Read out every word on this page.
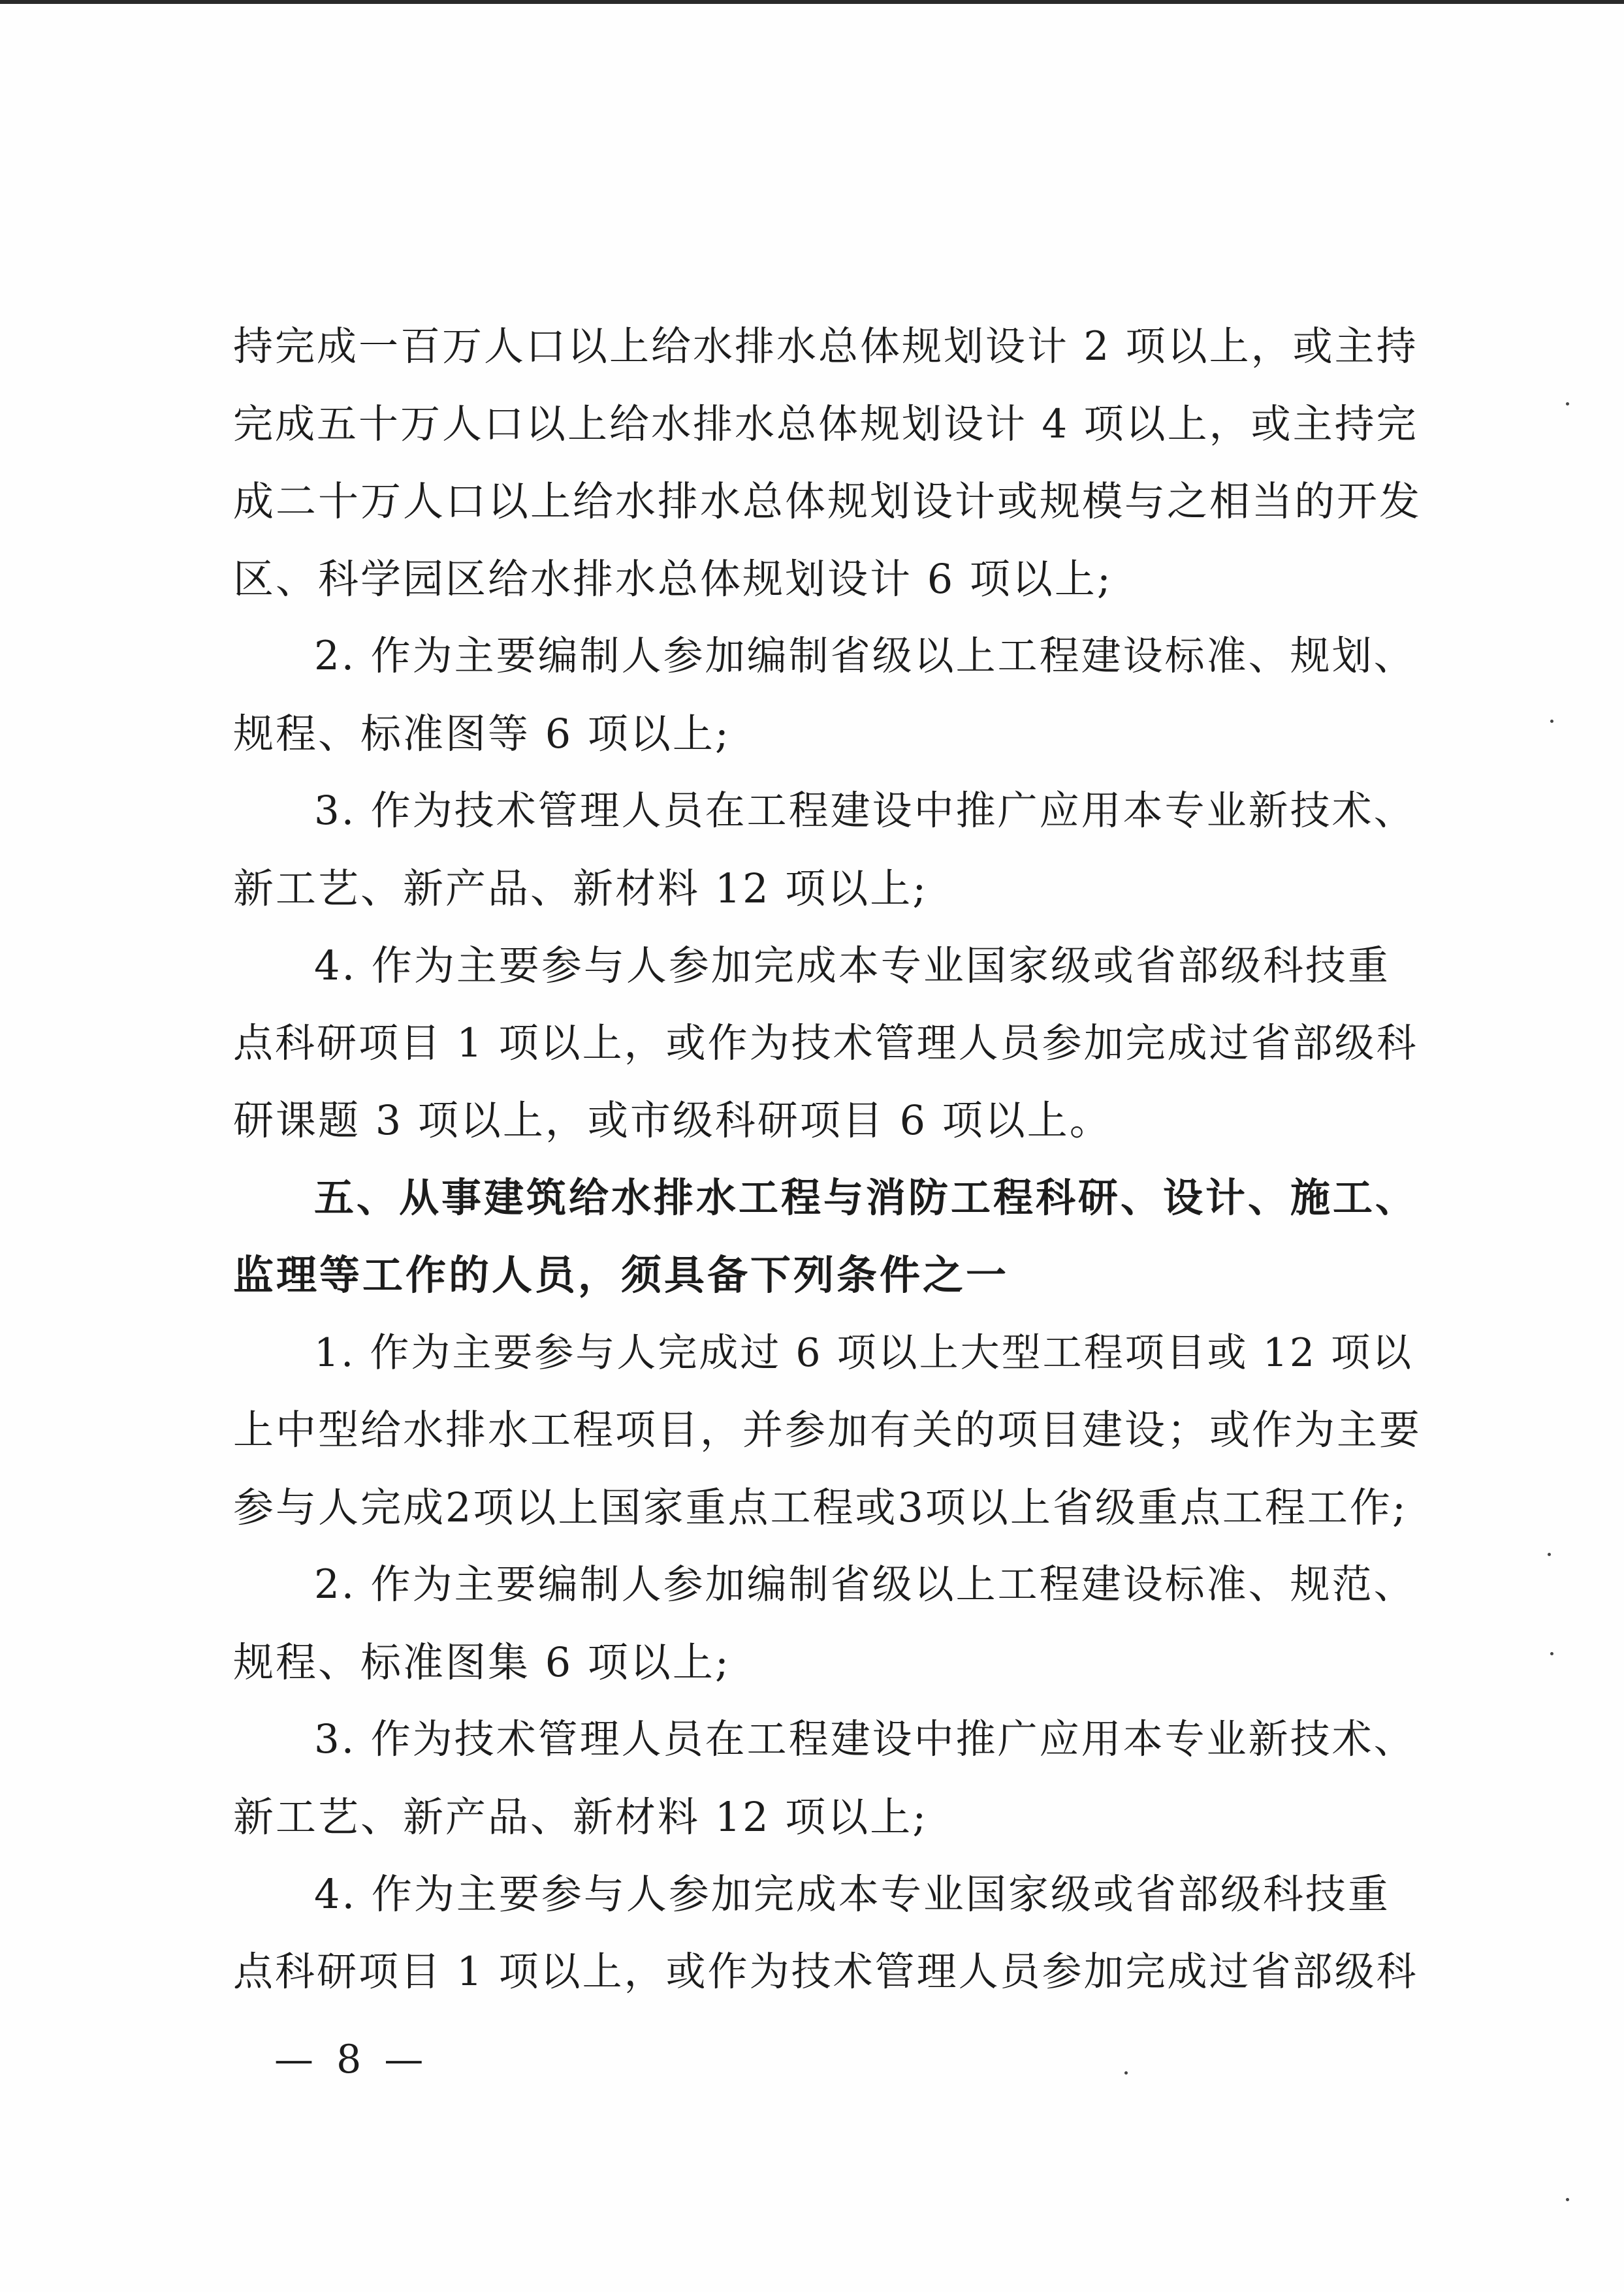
持完成一百万人口以上给水排水总体规划设计 2 项以上，或主持
完成五十万人口以上给水排水总体规划设计 4 项以上，或主持完
成二十万人口以上给水排水总体规划设计或规模与之相当的开发
区、科学园区给水排水总体规划设计 6 项以上;
2. 作为主要编制人参加编制省级以上工程建设标准、规划、
规程、标准图等 6 项以上;
3. 作为技术管理人员在工程建设中推广应用本专业新技术、
新工艺、新产品、新材料 12 项以上;
4. 作为主要参与人参加完成本专业国家级或省部级科技重
点科研项目 1 项以上，或作为技术管理人员参加完成过省部级科
研课题 3 项以上，或市级科研项目 6 项以上。
五、从事建筑给水排水工程与消防工程科研、设计、施工、
监理等工作的人员，须具备下列条件之一
1. 作为主要参与人完成过 6 项以上大型工程项目或 12 项以
上中型给水排水工程项目，并参加有关的项目建设；或作为主要
参与人完成2项以上国家重点工程或3项以上省级重点工程工作;
2. 作为主要编制人参加编制省级以上工程建设标准、规范、
规程、标准图集 6 项以上;
3. 作为技术管理人员在工程建设中推广应用本专业新技术、
新工艺、新产品、新材料 12 项以上;
4. 作为主要参与人参加完成本专业国家级或省部级科技重
点科研项目 1 项以上，或作为技术管理人员参加完成过省部级科
— 8 —
